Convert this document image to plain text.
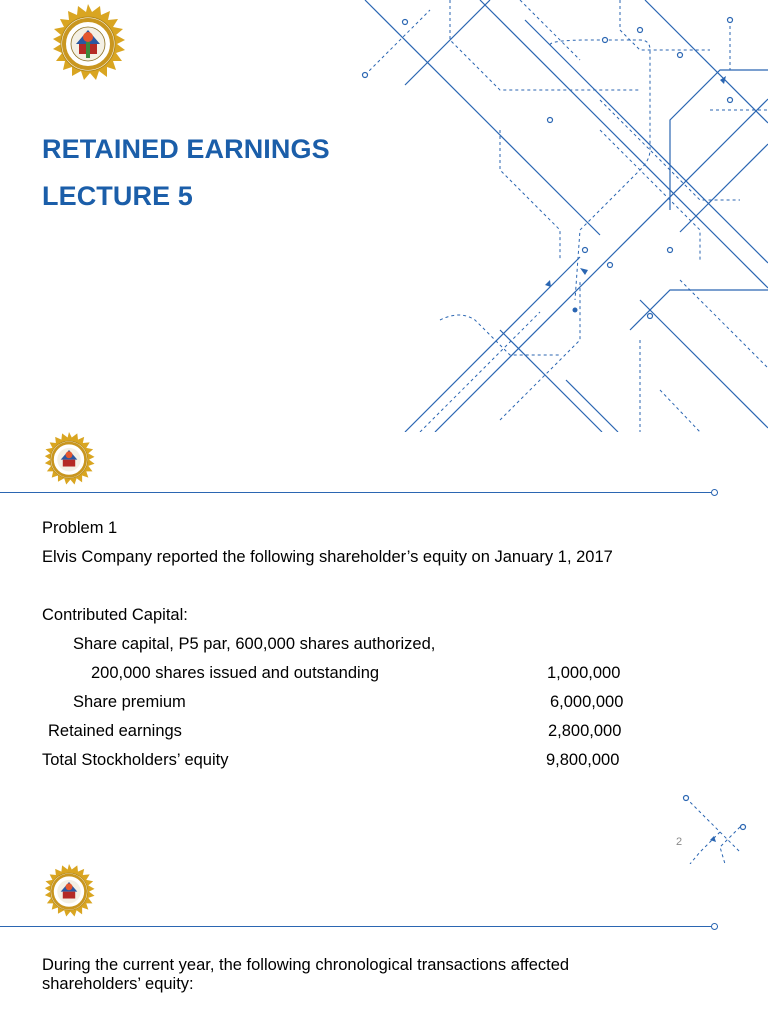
RETAINED EARNINGS
LECTURE 5

Problem 1

Elvis Company reported the following shareholder’s equity on January 1, 2017

Contributed Capital:

Share capital, P5 par, 600,000 shares authorized,

200,000 shares issued and outstanding	1,000,000

Share premium	6,000,000

Retained earnings	2,800,000

Total Stockholders’ equity	9,800,000
2

During the current year, the following chronological transactions affected

shareholders’ equity:
